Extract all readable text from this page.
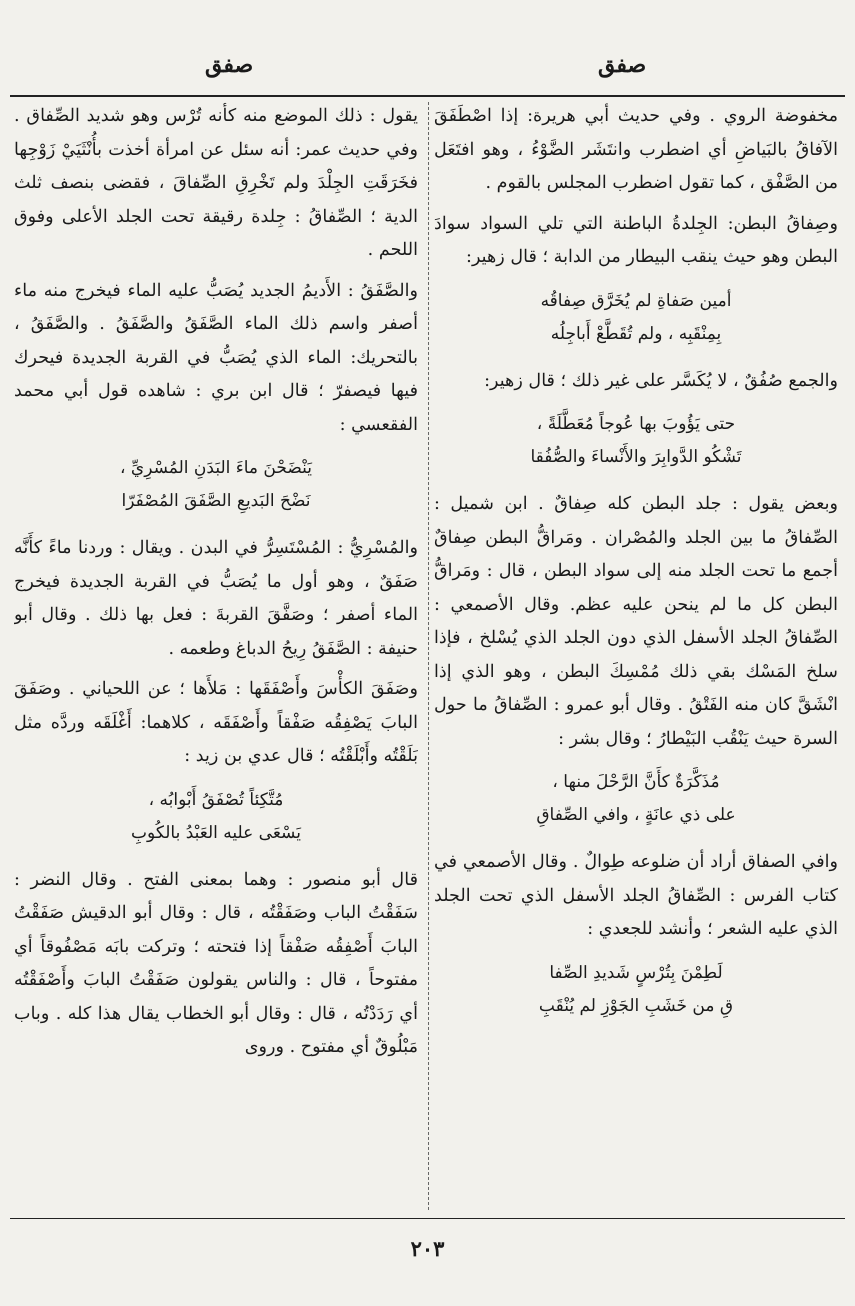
صفق
صفق

مخفوضة الروي . وفي حديث أبي هريرة: إذا اصْطَفَقَ الآفاقُ بالبَياضِ أي اضطرب وانتَشَر الضَّوْءُ ، وهو افتَعَل من الصَّفْق ، كما تقول اضطرب المجلس بالقوم .

وصِفاقُ البطن: الجِلدةُ الباطنة التي تلي السواد سوادَ البطن وهو حيث ينقب البيطار من الدابة ؛ قال زهير:

أمين صَفاةِ لم يُخَرَّق صِفاقُه
بِمِنْقَبِه ، ولم تُقَطَّعْ أَباجِلُه

والجمع صُفُقٌ ، لا يُكَسَّر على غير ذلك ؛ قال زهير:

حتى يَؤُوبَ بها عُوجاً مُعَطَّلَةً ،
تَشْكُو الدَّوابِرَ والأَنْساءَ والصُّفُقا

وبعض يقول : جلد البطن كله صِفاقٌ . ابن شميل : الصِّفاقُ ما بين الجلد والمُصْران . ومَراقُّ البطن صِفاقٌ أجمع ما تحت الجلد منه إلى سواد البطن ، قال : ومَراقُّ البطن كل ما لم ينحن عليه عظم. وقال الأصمعي : الصِّفاقُ الجلد الأسفل الذي دون الجلد الذي يُسْلخ ، فإذا سلخ المَسْك بقي ذلك مُمْسِكَ البطن ، وهو الذي إذا انْشَقَّ كان منه الفَتْقُ . وقال أبو عمرو : الصِّفاقُ ما حول السرة حيث يَنْقُب البَيْطارُ ؛ وقال بشر :

مُذَكَّرَةٌ كأَنَّ الرَّحْلَ منها ،
على ذي عانَةٍ ، وافي الصِّفاقِ

وافي الصفاق أراد أن ضلوعه طِوالٌ . وقال الأصمعي في كتاب الفرس : الصِّفاقُ الجلد الأسفل الذي تحت الجلد الذي عليه الشعر ؛ وأنشد للجعدي :

لَطِمْنَ بِتُرْسٍ شَديدِ الصِّفا
قِ من خَشَبِ الجَوْزِ لم يُنْقَبِ

يقول : ذلك الموضع منه كأنه تُرْس وهو شديد الصِّفاق . وفي حديث عمر: أنه سئل عن امرأة أخذت بأُنْثَيَيْ زَوْجِها فخَرَقَتِ الجِلْدَ ولم تَخْرِقِ الصِّفاقَ ، فقضى بنصف ثلث الدية ؛ الصِّفاقُ : جِلدة رقيقة تحت الجلد الأعلى وفوق اللحم .

والصَّفَقُ : الأَديمُ الجديد يُصَبُّ عليه الماء فيخرج منه ماء أصفر واسم ذلك الماء الصَّفَقُ والصَّفَقُ . والصَّفَقُ ، بالتحريك: الماء الذي يُصَبُّ في القربة الجديدة فيحرك فيها فيصفرّ ؛ قال ابن بري : شاهده قول أبي محمد الفقعسي :

يَنْضَحْنَ ماءَ البَدَنِ المُسْرِيِّ ،
نَضْحَ البَديعِ الصَّفَقَ المُصْفَرّا

والمُسْرِيُّ : المُسْتَسِرُّ في البدن . ويقال : وردنا ماءً كأَنَّه صَفَقٌ ، وهو أول ما يُصَبُّ في القربة الجديدة فيخرج الماء أصفر ؛ وصَفَّقَ القربةَ : فعل بها ذلك . وقال أبو حنيفة : الصَّفَقُ رِيحُ الدباغ وطعمه .

وصَفَقَ الكأْسَ وأَصْفَقَها : مَلأَها ؛ عن اللحياني . وصَفَقَ البابَ يَصْفِقُه صَفْقاً وأَصْفَقَه ، كلاهما: أَغْلَقَه وردَّه مثل بَلَقْتُه وأَبْلَقْتُه ؛ قال عدي بن زيد :

مُتَّكِئاً تُصْفَقُ أَبْوابُه ،
يَسْعَى عليه العَبْدُ بالكُوبِ

قال أبو منصور : وهما بمعنى الفتح . وقال النضر : سَفَقْتُ الباب وصَفَقْتُه ، قال : وقال أبو الدقيش صَفَقْتُ البابَ أَصْفِقُه صَفْقاً إذا فتحته ؛ وتركت بابَه مَصْفُوقاً أي مفتوحاً ، قال : والناس يقولون صَفَقْتُ البابَ وأَصْفَقْتُه أي رَدَدْتُه ، قال : وقال أبو الخطاب يقال هذا كله . وباب مَبْلُوقٌ أي مفتوح . وروى

٢٠٣
